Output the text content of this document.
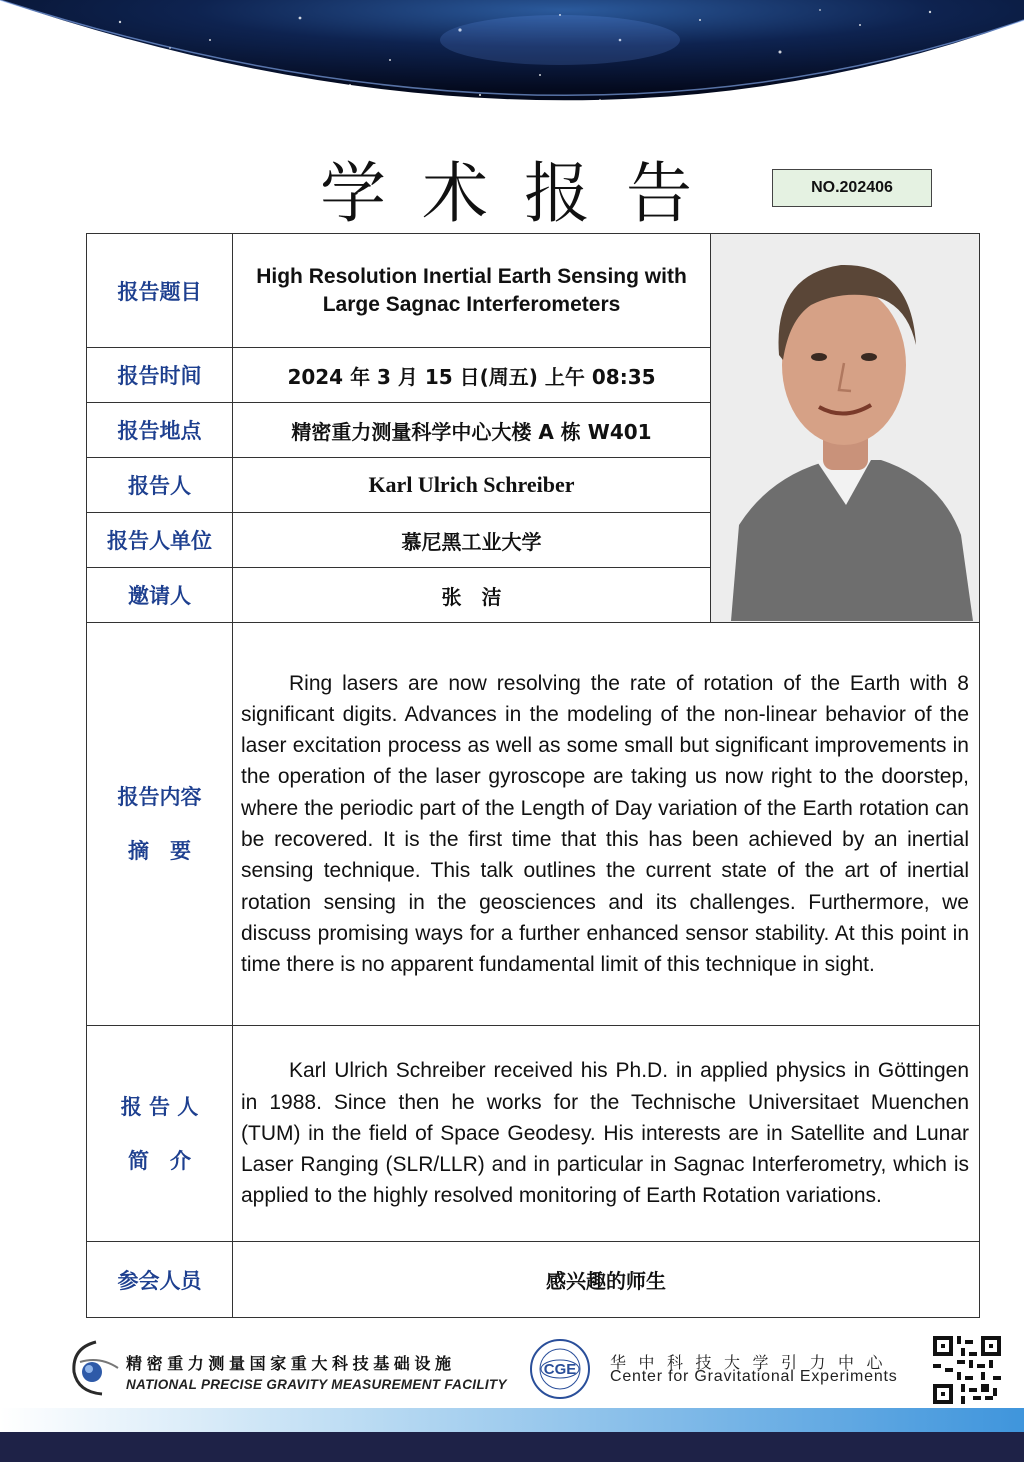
学术报告	NO.202406
报告题目	High Resolution Inertial Earth Sensing with Large Sagnac Interferometers	

报告时间	2024 年 3 月 15 日(周五) 上午 08:35	
报告地点	精密重力测量科学中心大楼 A 栋 W401	
报告人	Karl Ulrich Schreiber	
报告人单位	慕尼黑工业大学	
邀请人	张　洁	

报告内容
摘　要	Ring lasers are now resolving the rate of rotation of the Earth with 8 significant digits. Advances in the modeling of the non-linear behavior of the laser excitation process as well as some small but significant improvements in the operation of the laser gyroscope are taking us now right to the doorstep, where the periodic part of the Length of Day variation of the Earth rotation can be recovered. It is the first time that this has been achieved by an inertial sensing technique. This talk outlines the current state of the art of inertial rotation sensing in the geosciences and its challenges. Furthermore, we discuss promising ways for a further enhanced sensor stability. At this point in time there is no apparent fundamental limit of this technique in sight.	

报 告 人
简　介	Karl Ulrich Schreiber received his Ph.D. in applied physics in Göttingen in 1988. Since then he works for the Technische Universitaet Muenchen (TUM) in the field of Space Geodesy. His interests are in Satellite and Lunar Laser Ranging (SLR/LLR) and in particular in Sagnac Interferometry, which is applied to the highly resolved monitoring of Earth Rotation variations.	

参会人员	感兴趣的师生	
精密重力测量国家重大科技基础设施
NATIONAL PRECISE GRAVITY MEASUREMENT FACILITY
CGE 华中科技大学引力中心
Center for Gravitational Experiments
